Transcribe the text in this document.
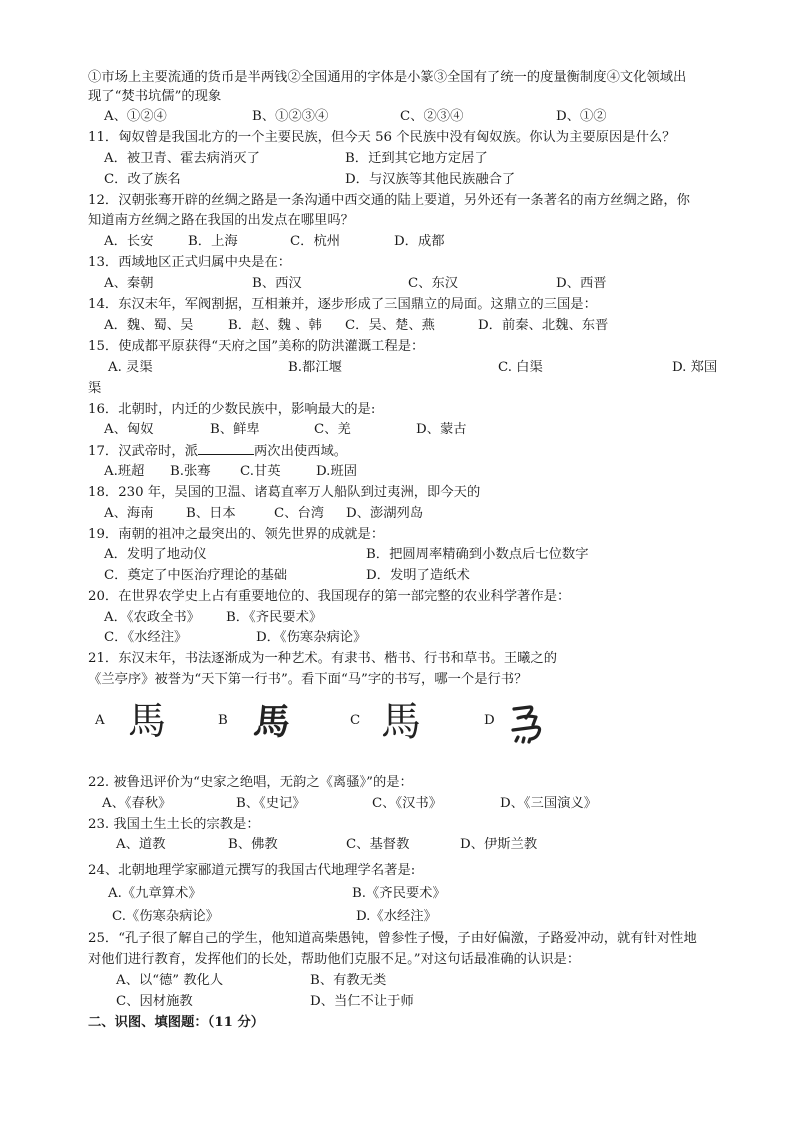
①市场上主要流通的货币是半两钱②全国通用的字体是小篆③全国有了统一的度量衡制度④文化领域出
现了“焚书坑儒”的现象
A、①②④	B、①②③④	C、②③④	D、①②
11．匈奴曾是我国北方的一个主要民族，但今天 56 个民族中没有匈奴族。你认为主要原因是什么？
A．被卫青、霍去病消灭了	B．迁到其它地方定居了
C．改了族名	D．与汉族等其他民族融合了
12．汉朝张骞开辟的丝绸之路是一条沟通中西交通的陆上要道，另外还有一条著名的南方丝绸之路，你
知道南方丝绸之路在我国的出发点在哪里吗？
A．长安	B．上海	C．杭州	D．成都
13．西域地区正式归属中央是在：
A、秦朝	B、西汉	C、东汉	D、西晋
14．东汉末年，军阀割据，互相兼并，逐步形成了三国鼎立的局面。这鼎立的三国是：
A．魏、蜀、吴	B．赵、魏 、韩 C．吴、楚、燕	D．前秦、北魏、东晋
15．使成都平原获得“天府之国”美称的防洪灌溉工程是：
A. 灵渠	B.都江堰	C. 白渠	D. 郑国
渠
16．北朝时，内迁的少数民族中，影响最大的是:
A、匈奴	B、鲜卑	C、羌	D、蒙古
17．汉武帝时，派	两次出使西域。
A.班超 B.张骞 C.甘英	D.班固
18．230 年，吴国的卫温、诸葛直率万人船队到过夷洲，即今天的
A、海南 B、日本	C、台湾 D、澎湖列岛
19．南朝的祖冲之最突出的、领先世界的成就是：
A．发明了地动仪	B．把圆周率精确到小数点后七位数字
C．奠定了中医治疗理论的基础	D．发明了造纸术
20．在世界农学史上占有重要地位的、我国现存的第一部完整的农业科学著作是：
A．《农政全书》 B．《齐民要术》
C．《水经注》	D．《伤寒杂病论》
21．东汉末年，书法逐渐成为一种艺术。有隶书、楷书、行书和草书。王曦之的
《兰亭序》被誉为“天下第一行书”。看下面“马”字的书写，哪一个是行书？
A 馬	B 馬	C 馬	D
22. 被鲁迅评价为“史家之绝唱，无韵之《离骚》”的是：
A、《春秋》	B、《史记》	C、《汉书》	D、《三国演义》
23. 我国土生土长的宗教是：
A、道教	B、佛教	C、基督教	D、伊斯兰教
24、北朝地理学家郦道元撰写的我国古代地理学名著是:
A.《九章算术》	B.《齐民要术》
C.《伤寒杂病论》	D.《水经注》
25．“孔子很了解自己的学生，他知道高柴愚钝，曾参性子慢，子由好偏激，子路爱冲动，就有针对性地
对他们进行教育，发挥他们的长处，帮助他们克服不足。”对这句话最准确的认识是：
A、以“德” 教化人	B、有教无类
C、因材施教	D、当仁不让于师
二、识图、填图题：（11 分）
